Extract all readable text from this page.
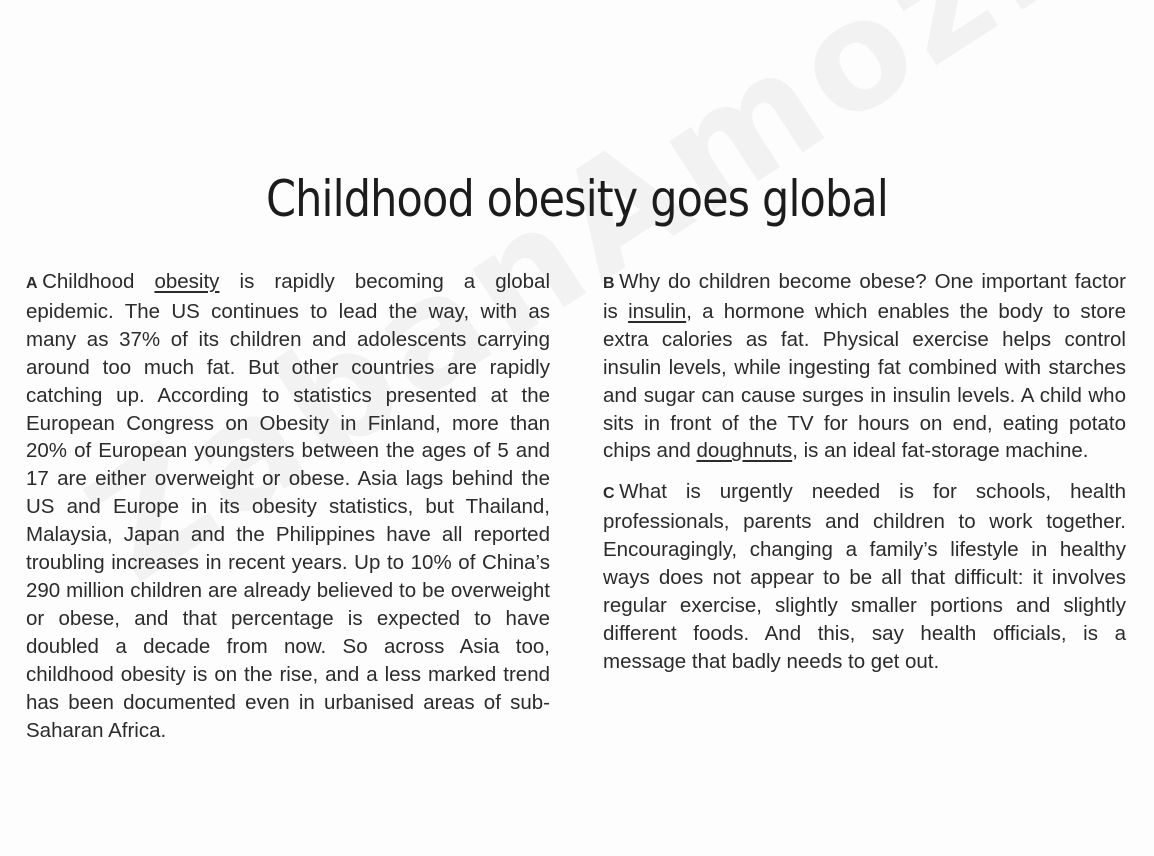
Childhood obesity goes global

A Childhood obesity is rapidly becoming a global epidemic. The US continues to lead the way, with as many as 37% of its children and adolescents carrying around too much fat. But other countries are rapidly catching up. According to statistics presented at the European Congress on Obesity in Finland, more than 20% of European youngsters between the ages of 5 and 17 are either overweight or obese. Asia lags behind the US and Europe in its obesity statistics, but Thailand, Malaysia, Japan and the Philippines have all reported troubling increases in recent years. Up to 10% of China’s 290 million children are already believed to be overweight or obese, and that percentage is expected to have doubled a decade from now. So across Asia too, childhood obesity is on the rise, and a less marked trend has been documented even in urbanised areas of sub-Saharan Africa.

B Why do children become obese? One important factor is insulin, a hormone which enables the body to store extra calories as fat. Physical exercise helps control insulin levels, while ingesting fat combined with starches and sugar can cause surges in insulin levels. A child who sits in front of the TV for hours on end, eating potato chips and doughnuts, is an ideal fat-storage machine.

C What is urgently needed is for schools, health professionals, parents and children to work together. Encouragingly, changing a family’s lifestyle in healthy ways does not appear to be all that difficult: it involves regular exercise, slightly smaller portions and slightly different foods. And this, say health officials, is a message that badly needs to get out.
